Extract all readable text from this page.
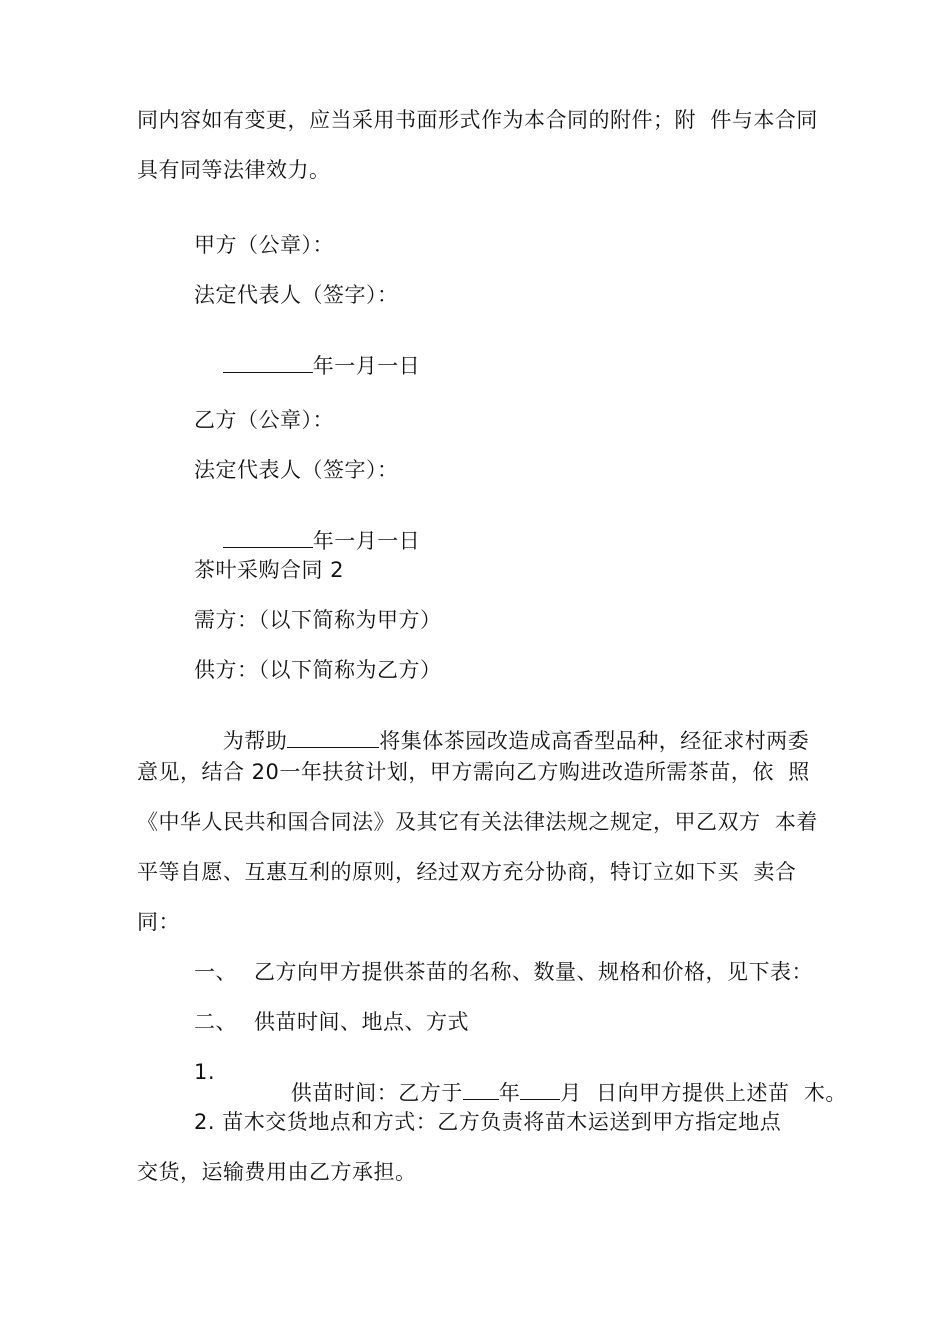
同内容如有变更，应当采用书面形式作为本合同的附件；附  件与本合同
具有同等法律效力。
甲方（公章）：
法定代表人（签字）：

年一月一日

乙方（公章）：
法定代表人（签字）：

年一月一日

茶叶采购合同 2
需方：（以下简称为甲方）
供方：（以下简称为乙方）

为帮助	将集体茶园改造成高香型品种，经征求村两委

意见，结合 20一年扶贫计划，甲方需向乙方购进改造所需茶苗，依  照
《中华人民共和国合同法》及其它有关法律法规之规定，甲乙双方  本着
平等自愿、互惠互利的原则，经过双方充分协商，特订立如下买  卖合
同：
一、 乙方向甲方提供茶苗的名称、数量、规格和价格，见下表：
二、 供苗时间、地点、方式
1.

供苗时间：乙方于 年 月  日向甲方提供上述苗  木。

2. 苗木交货地点和方式：乙方负责将苗木运送到甲方指定地点
交货，运输费用由乙方承担。
